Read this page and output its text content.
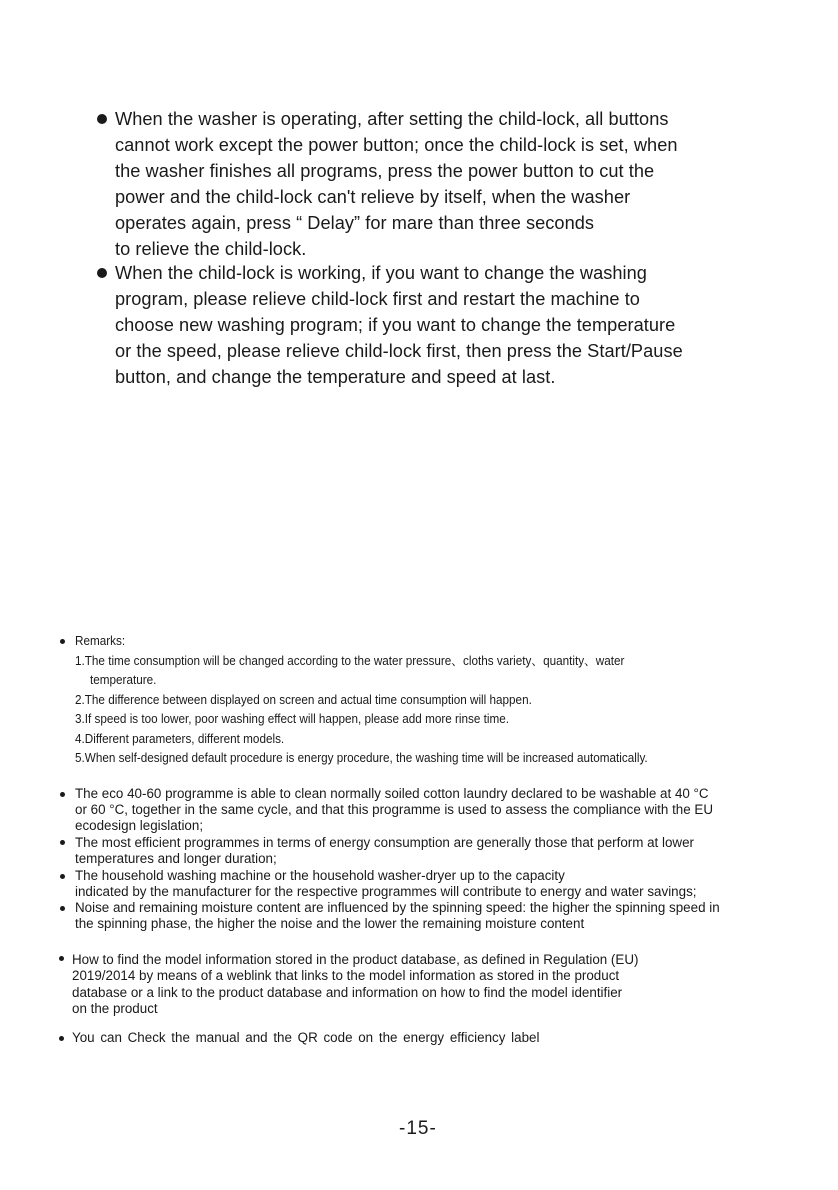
When the washer is operating, after setting the child-lock, all buttons
cannot work except the power button; once the child-lock is set, when
the washer finishes all programs, press the power button to cut the
power and the child-lock can't relieve by itself, when the washer
operates again, press “ Delay” for mare than three seconds
to relieve the child-lock.
When the child-lock is working, if you want to change the washing
program, please relieve child-lock first and restart the machine to
choose new washing program; if you want to change the temperature
or the speed, please relieve child-lock first, then press the Start/Pause
button, and change the temperature and speed at last.
Remarks:
1.The time consumption will be changed according to the water pressure、cloths variety、quantity、water
temperature.
2.The difference between displayed on screen and actual time consumption will happen.
3.If speed is too lower, poor washing effect will happen, please add more rinse time.
4.Different parameters, different models.
5.When self-designed default procedure is energy procedure, the washing time will be increased automatically.
The eco 40-60 programme is able to clean normally soiled cotton laundry declared to be washable at 40 °C
or 60 °C, together in the same cycle, and that this programme is used to assess the compliance with the EU
ecodesign legislation;
The most efficient programmes in terms of energy consumption are generally those that perform at lower
temperatures and longer duration;
The household washing machine or the household washer-dryer up to the capacity
indicated by the manufacturer for the respective programmes will contribute to energy and water savings;
Noise and remaining moisture content are influenced by the spinning speed: the higher the spinning speed in
the spinning phase, the higher the noise and the lower the remaining moisture content
How to find the model information stored in the product database, as defined in Regulation (EU)
2019/2014 by means of a weblink that links to the model information as stored in the product
database or a link to the product database and information on how to find the model identifier
on the product
You can Check the manual and the QR code on the energy efficiency label
-15-
